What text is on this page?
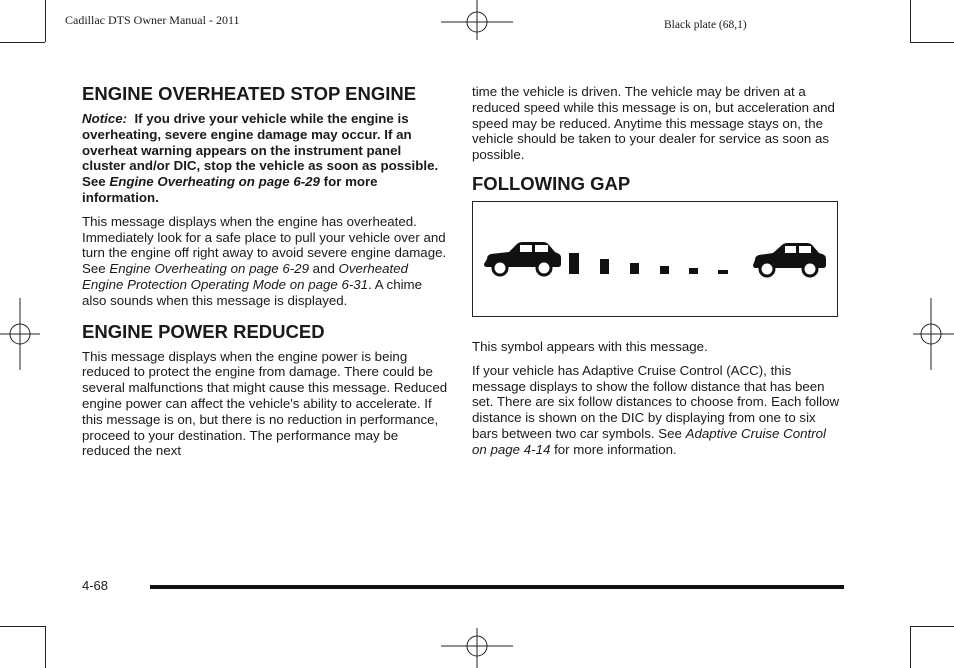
Cadillac DTS Owner Manual - 2011	Black plate (68,1)
ENGINE OVERHEATED STOP ENGINE

Notice: If you drive your vehicle while the engine is overheating, severe engine damage may occur. If an overheat warning appears on the instrument panel cluster and/or DIC, stop the vehicle as soon as possible. See Engine Overheating on page 6-29 for more information.

This message displays when the engine has overheated. Immediately look for a safe place to pull your vehicle over and turn the engine off right away to avoid severe engine damage. See Engine Overheating on page 6-29 and Overheated Engine Protection Operating Mode on page 6-31. A chime also sounds when this message is displayed.

ENGINE POWER REDUCED

This message displays when the engine power is being reduced to protect the engine from damage. There could be several malfunctions that might cause this message. Reduced engine power can affect the vehicle's ability to accelerate. If this message is on, but there is no reduction in performance, proceed to your destination. The performance may be reduced the next

time the vehicle is driven. The vehicle may be driven at a reduced speed while this message is on, but acceleration and speed may be reduced. Anytime this message stays on, the vehicle should be taken to your dealer for service as soon as possible.

FOLLOWING GAP

This symbol appears with this message.

If your vehicle has Adaptive Cruise Control (ACC), this message displays to show the follow distance that has been set. There are six follow distances to choose from. Each follow distance is shown on the DIC by displaying from one to six bars between two car symbols. See Adaptive Cruise Control on page 4-14 for more information.

4-68
